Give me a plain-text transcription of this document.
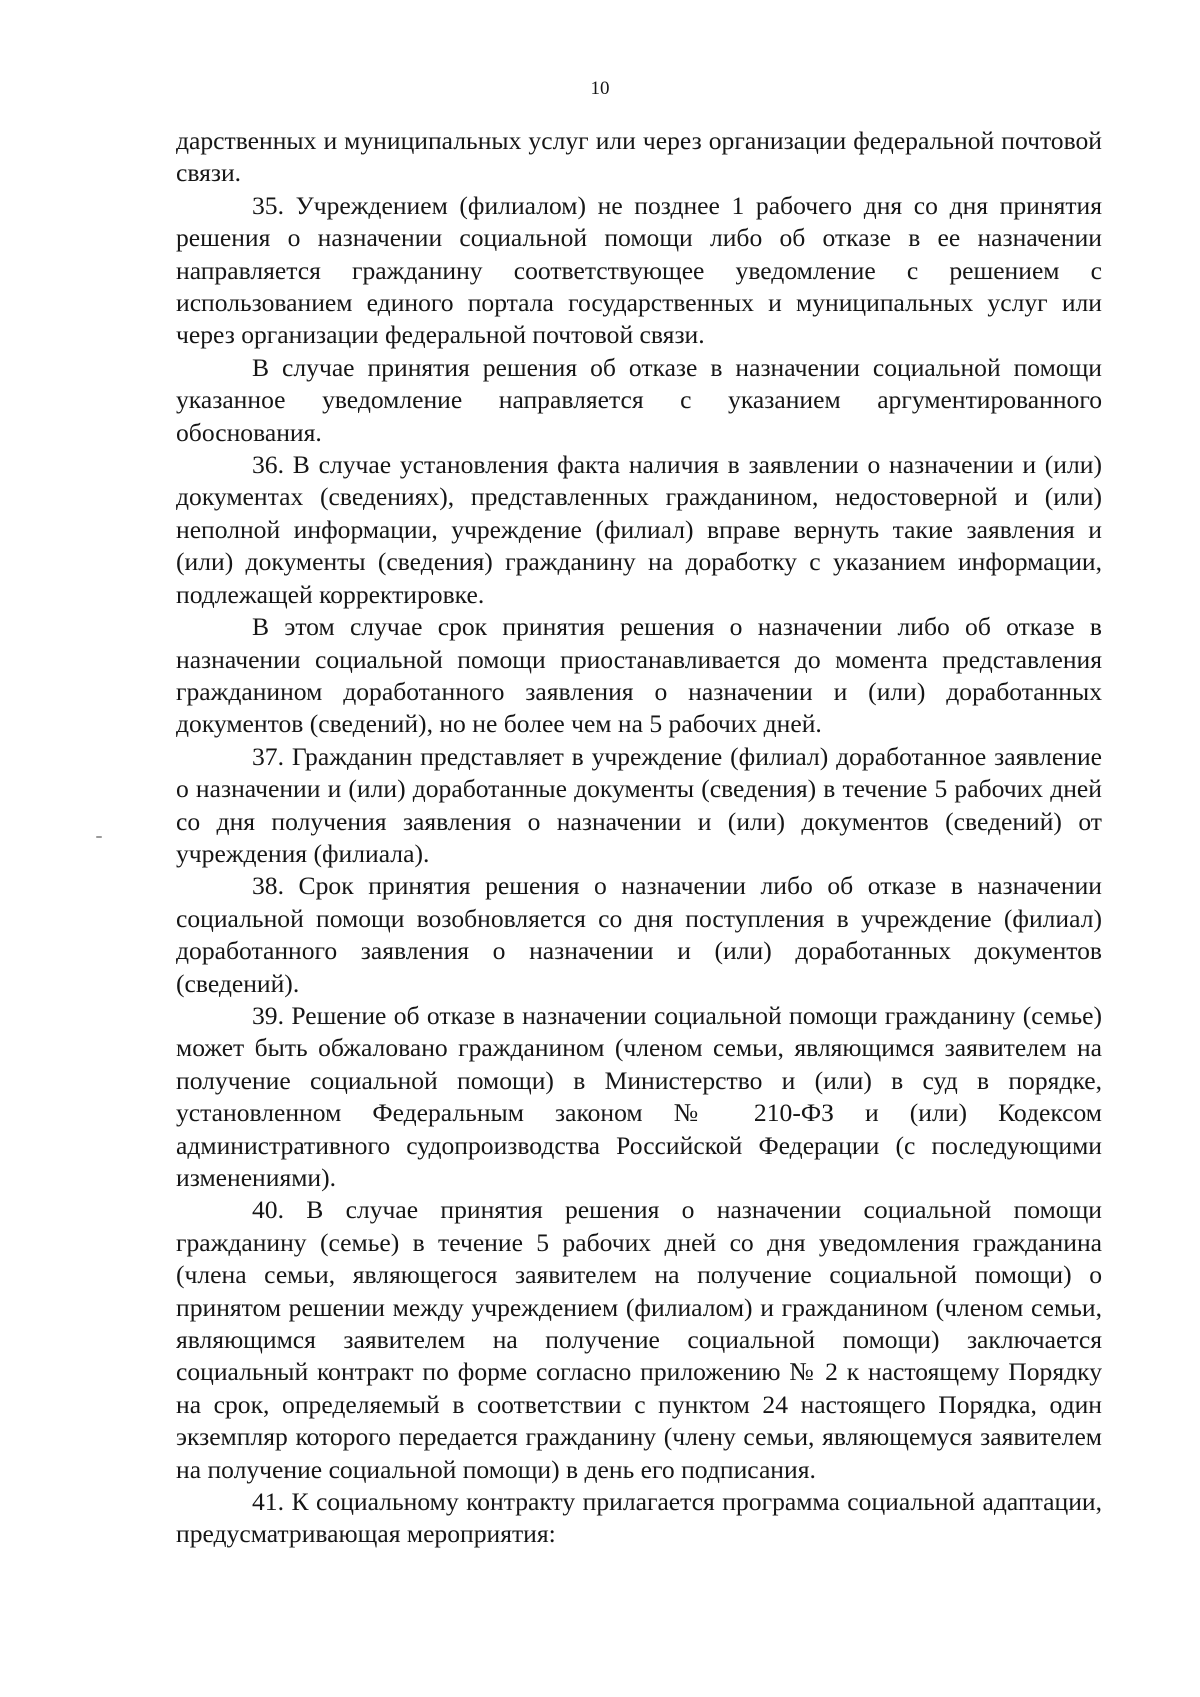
10

дарственных и муниципальных услуг или через организации федеральной почтовой связи.

35. Учреждением (филиалом) не позднее 1 рабочего дня со дня принятия решения о назначении социальной помощи либо об отказе в ее назначении направляется гражданину соответствующее уведомление с решением с использованием единого портала государственных и муниципальных услуг или через организации федеральной почтовой связи.

В случае принятия решения об отказе в назначении социальной помощи указанное уведомление направляется с указанием аргументированного обоснования.

36. В случае установления факта наличия в заявлении о назначении и (или) документах (сведениях), представленных гражданином, недостоверной и (или) неполной информации, учреждение (филиал) вправе вернуть такие заявления и (или) документы (сведения) гражданину на доработку с указанием информации, подлежащей корректировке.

В этом случае срок принятия решения о назначении либо об отказе в назначении социальной помощи приостанавливается до момента представления гражданином доработанного заявления о назначении и (или) доработанных документов (сведений), но не более чем на 5 рабочих дней.

37. Гражданин представляет в учреждение (филиал) доработанное заявление о назначении и (или) доработанные документы (сведения) в течение 5 рабочих дней со дня получения заявления о назначении и (или) документов (сведений) от учреждения (филиала).

38. Срок принятия решения о назначении либо об отказе в назначении социальной помощи возобновляется со дня поступления в учреждение (филиал) доработанного заявления о назначении и (или) доработанных документов (сведений).

39. Решение об отказе в назначении социальной помощи гражданину (семье) может быть обжаловано гражданином (членом семьи, являющимся заявителем на получение социальной помощи) в Министерство и (или) в суд в порядке, установленном Федеральным законом № 210-ФЗ и (или) Кодексом административного судопроизводства Российской Федерации (с последующими изменениями).

40. В случае принятия решения о назначении социальной помощи гражданину (семье) в течение 5 рабочих дней со дня уведомления гражданина (члена семьи, являющегося заявителем на получение социальной помощи) о принятом решении между учреждением (филиалом) и гражданином (членом семьи, являющимся заявителем на получение социальной помощи) заключается социальный контракт по форме согласно приложению № 2 к настоящему Порядку на срок, определяемый в соответствии с пунктом 24 настоящего Порядка, один экземпляр которого передается гражданину (члену семьи, являющемуся заявителем на получение социальной помощи) в день его подписания.

41. К социальному контракту прилагается программа социальной адаптации, предусматривающая мероприятия:
